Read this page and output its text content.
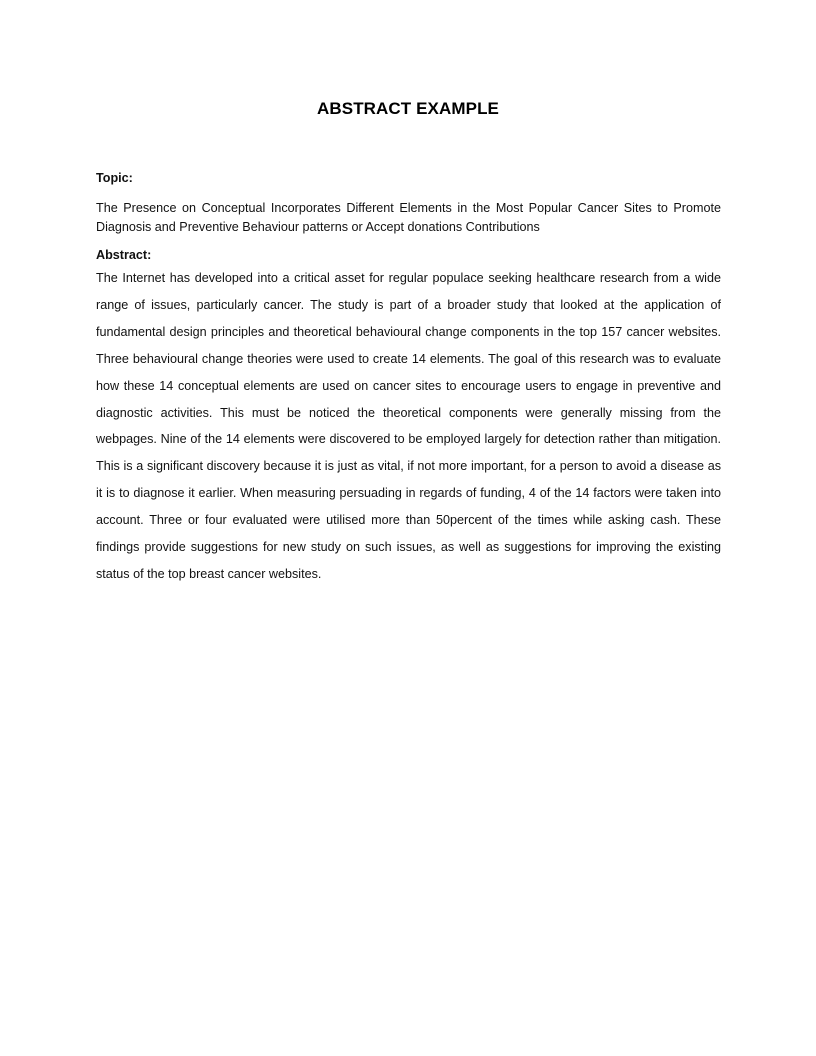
ABSTRACT EXAMPLE

Topic:

The Presence on Conceptual Incorporates Different Elements in the Most Popular Cancer Sites to Promote Diagnosis and Preventive Behaviour patterns or Accept donations Contributions

Abstract:

The Internet has developed into a critical asset for regular populace seeking healthcare research from a wide range of issues, particularly cancer. The study is part of a broader study that looked at the application of fundamental design principles and theoretical behavioural change components in the top 157 cancer websites. Three behavioural change theories were used to create 14 elements. The goal of this research was to evaluate how these 14 conceptual elements are used on cancer sites to encourage users to engage in preventive and diagnostic activities. This must be noticed the theoretical components were generally missing from the webpages. Nine of the 14 elements were discovered to be employed largely for detection rather than mitigation. This is a significant discovery because it is just as vital, if not more important, for a person to avoid a disease as it is to diagnose it earlier. When measuring persuading in regards of funding, 4 of the 14 factors were taken into account. Three or four evaluated were utilised more than 50percent of the times while asking cash. These findings provide suggestions for new study on such issues, as well as suggestions for improving the existing status of the top breast cancer websites.
